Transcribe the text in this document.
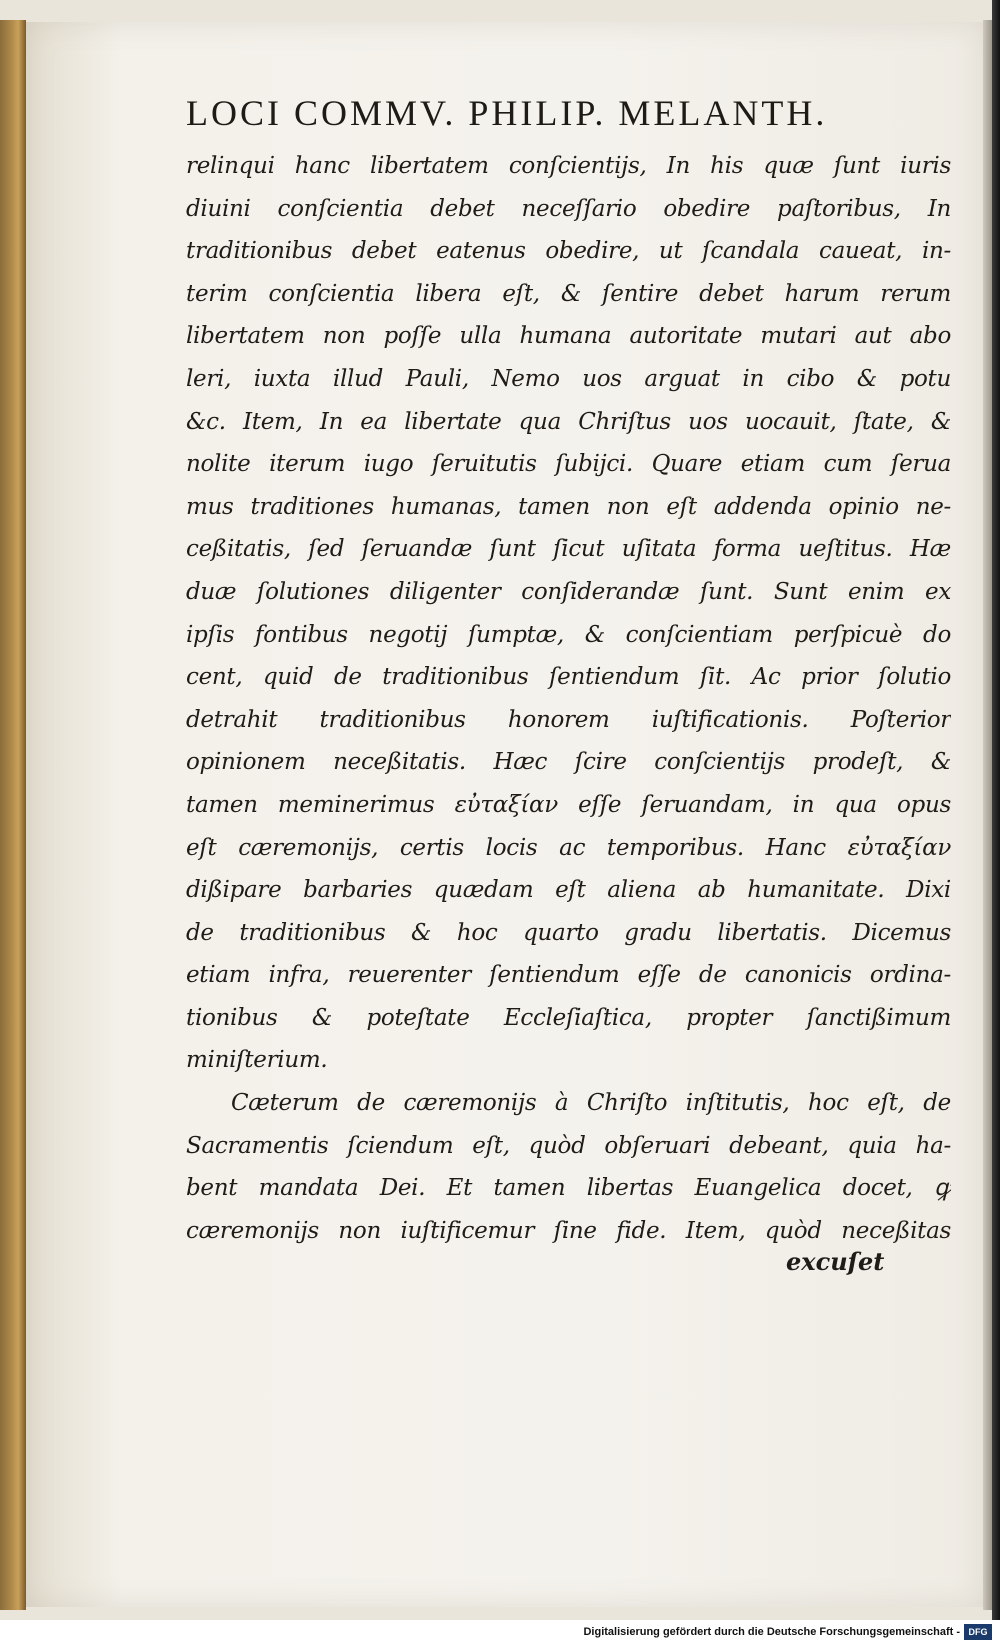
LOCI COMMV. PHILIP. MELANTH.
relinqui hanc libertatem conſcientijs, In his quæ ſunt iuris
diuini conſcientia debet neceſſario obedire paſtoribus, In
traditionibus debet eatenus obedire, ut ſcandala caueat, in-
terim conſcientia libera eſt, & ſentire debet harum rerum
libertatem non poſſe ulla humana autoritate mutari aut abo
leri, iuxta illud Pauli, Nemo uos arguat in cibo & potu
&c. Item, In ea libertate qua Chriſtus uos uocauit, ſtate, &
nolite iterum iugo ſeruitutis ſubijci. Quare etiam cum ſerua
mus traditiones humanas, tamen non eſt addenda opinio ne-
ceßitatis, ſed ſeruandæ ſunt ſicut uſitata forma ueſtitus. Hæ
duæ ſolutiones diligenter conſiderandæ ſunt. Sunt enim ex
ipſis fontibus negotij ſumptæ, & conſcientiam perſpicuè do
cent, quid de traditionibus ſentiendum ſit. Ac prior ſolutio
detrahit traditionibus honorem iuſtificationis. Poſterior
opinionem neceßitatis. Hæc ſcire conſcientijs prodeſt, &
tamen meminerimus εὐταξίαν eſſe ſeruandam, in qua opus
eſt cæremonijs, certis locis ac temporibus. Hanc εὐταξίαν
dißipare barbaries quædam eſt aliena ab humanitate. Dixi
de traditionibus & hoc quarto gradu libertatis. Dicemus
etiam infra, reuerenter ſentiendum eſſe de canonicis ordina-
tionibus & poteſtate Eccleſiaſtica, propter ſanctißimum
miniſterium.
Cæterum de cæremonijs à Chriſto inſtitutis, hoc eſt, de
Sacramentis ſciendum eſt, quòd obſeruari debeant, quia ha-
bent mandata Dei. Et tamen libertas Euangelica docet, ꝙ
cæremonijs non iuſtificemur ſine fide. Item, quòd neceßitas
excuſet
Digitalisierung gefördert durch die Deutsche Forschungsgemeinschaft - DFG
